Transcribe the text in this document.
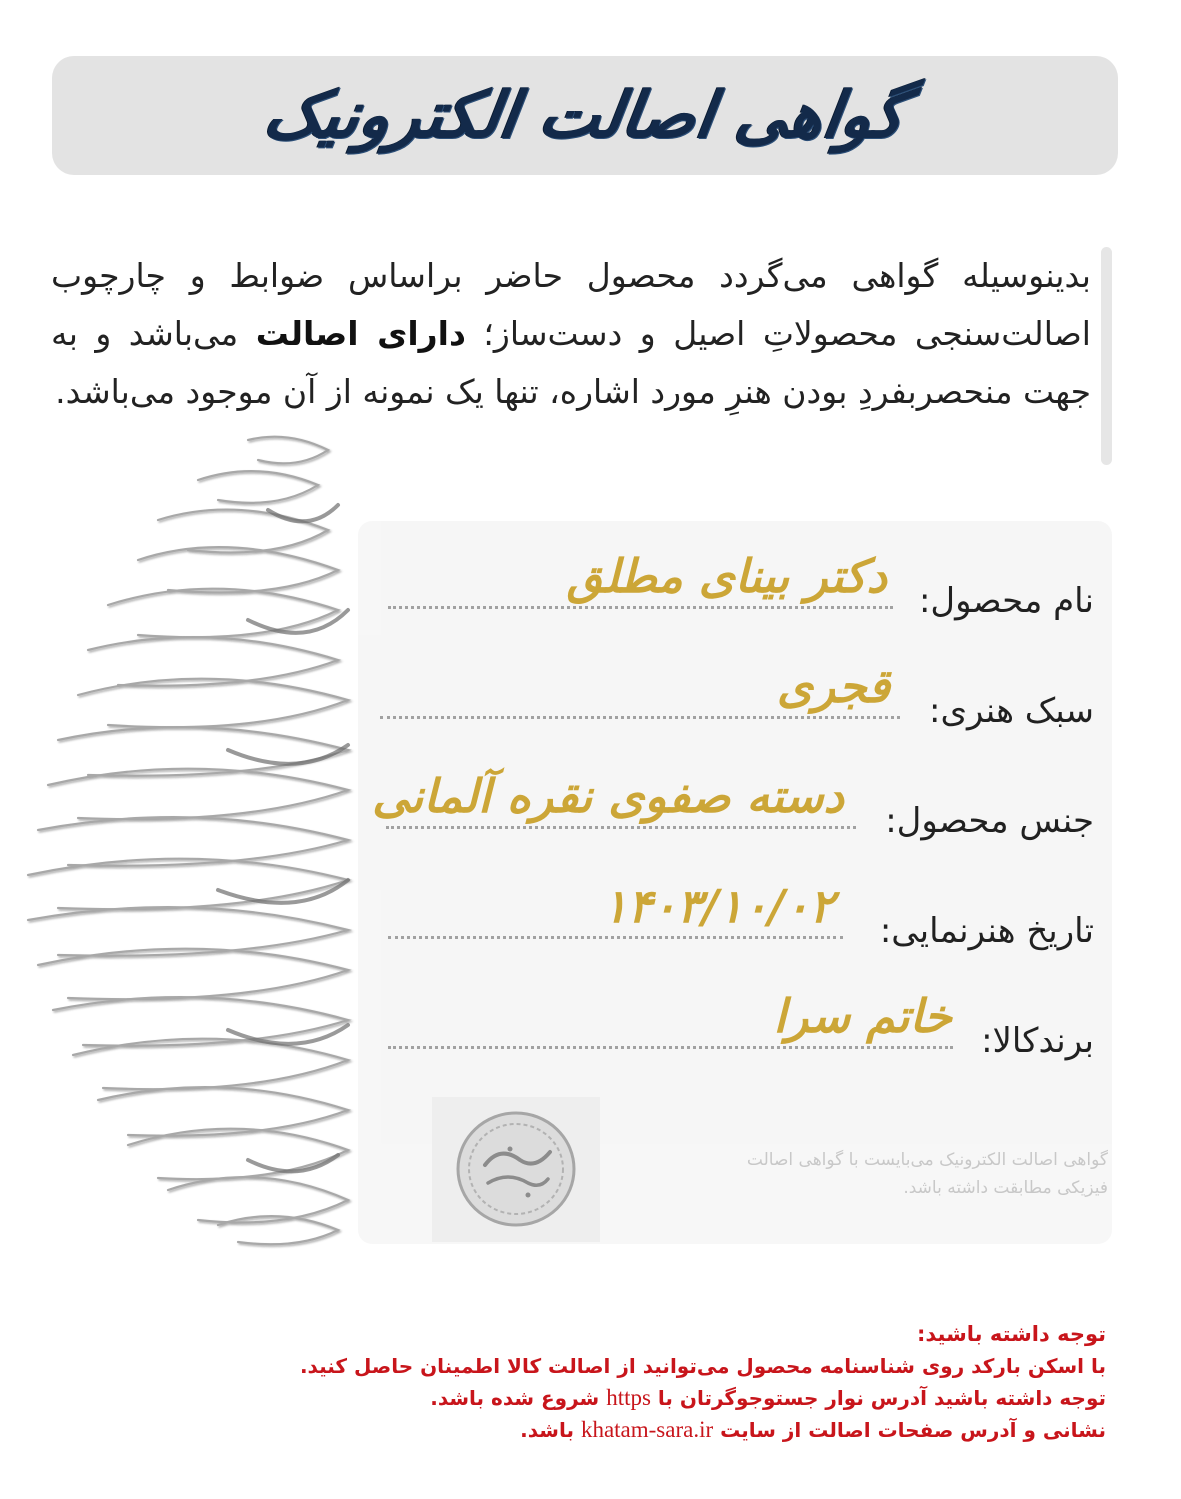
گواهی اصالت الکترونیک
بدینوسیله گواهی می‌گردد محصول حاضر براساس ضوابط و چارچوب اصالت‌سنجی محصولاتِ اصیل و دست‌ساز؛ دارای اصالت می‌باشد و به جهت منحصربفردِ بودن هنرِ مورد اشاره، تنها یک نمونه از آن موجود می‌باشد.
نام محصول:
دکتر بینای مطلق
سبک هنری:
قجری
جنس محصول:
دسته صفوی نقره آلمانی
تاریخ هنرنمایی:
۱۴۰۳/۱۰/۰۲
برندکالا:
خاتم سرا
گواهی اصالت الکترونیک می‌بایست با گواهی اصالت فیزیکی مطابقت داشته باشد.
توجه داشته باشید:
با اسکن بارکد روی شناسنامه محصول می‌توانید از اصالت کالا اطمینان حاصل کنید.
توجه داشته باشید آدرس نوار جستوجوگرتان با https شروع شده باشد.
نشانی و آدرس صفحات اصالت از سایت khatam-sara.ir باشد.
